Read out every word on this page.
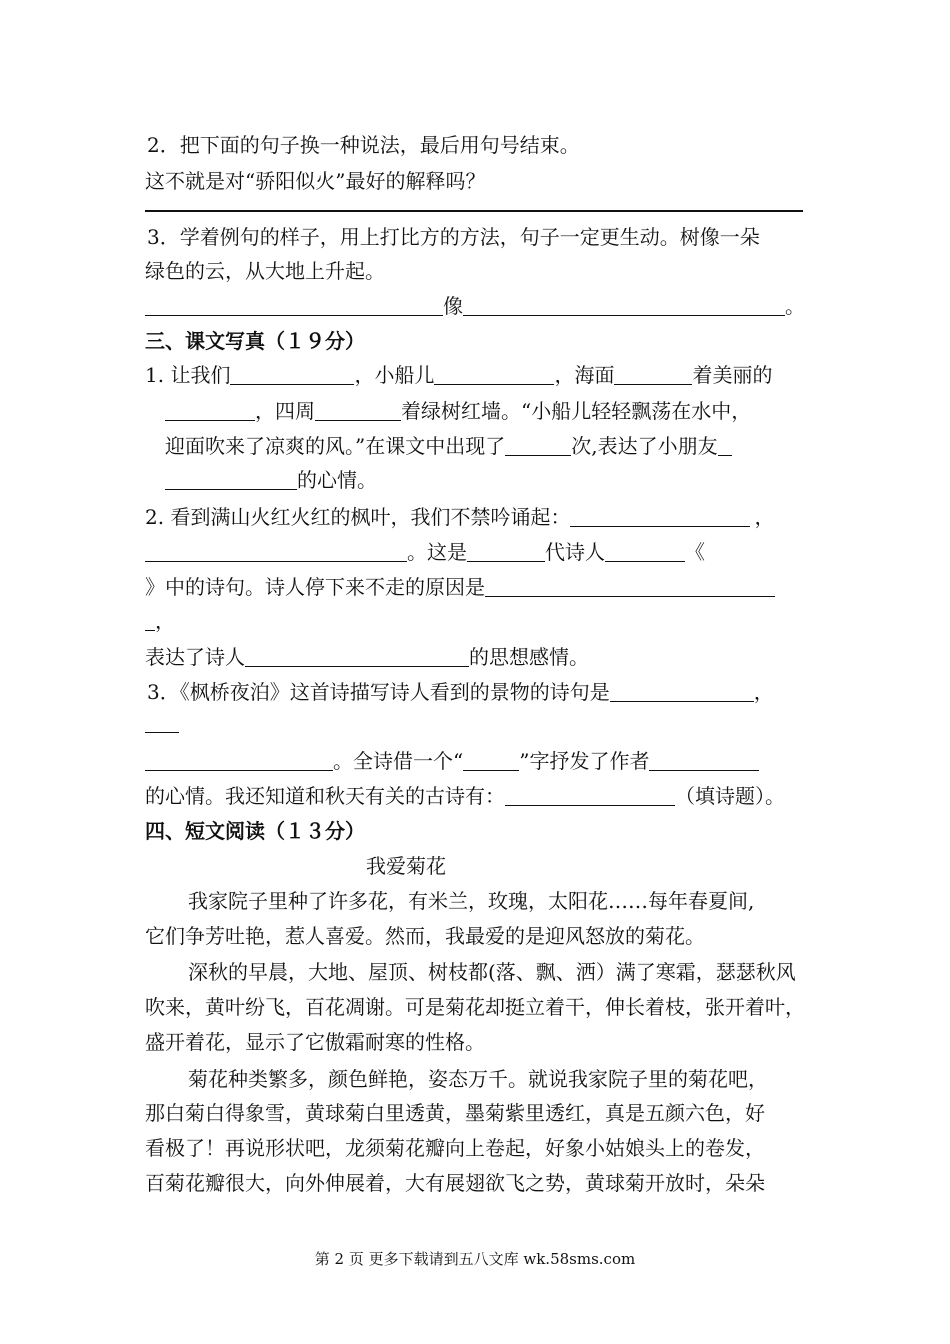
2．把下面的句子换一种说法，最后用句号结束。
这不就是对“骄阳似火”最好的解释吗？
3．学着例句的样子，用上打比方的方法，句子一定更生动。树像一朵
绿色的云，从大地上升起。
像	。
三、课文写真（１９分）
1. 让我们	，小船儿	，海面	着美丽的
，四周	着绿树红墙。“小船儿轻轻飘荡在水中，
迎面吹来了凉爽的风。”在课文中出现了	次,表达了小朋友
的心情。
2. 看到满山火红火红的枫叶，我们不禁吟诵起：	，
。这是	代诗人	《
》中的诗句。诗人停下来不走的原因是
，
表达了诗人	的思想感情。
3．《枫桥夜泊》这首诗描写诗人看到的景物的诗句是	，
。全诗借一个“	”字抒发了作者
的心情。我还知道和秋天有关的古诗有：	（填诗题）。
四、短文阅读（１３分）
我爱菊花
我家院子里种了许多花，有米兰，玫瑰，太阳花……每年春夏间,
它们争芳吐艳，惹人喜爱。然而，我最爱的是迎风怒放的菊花。
深秋的早晨，大地、屋顶、树枝都(落、飘、洒）满了寒霜，瑟瑟秋风
吹来，黄叶纷飞，百花凋谢。可是菊花却挺立着干，伸长着枝，张开着叶，
盛开着花，显示了它傲霜耐寒的性格。
菊花种类繁多，颜色鲜艳，姿态万千。就说我家院子里的菊花吧，
那白菊白得象雪，黄球菊白里透黄，墨菊紫里透红，真是五颜六色，好
看极了！再说形状吧，龙须菊花瓣向上卷起，好象小姑娘头上的卷发，
百菊花瓣很大，向外伸展着，大有展翅欲飞之势，黄球菊开放时，朵朵
第 2 页 更多下载请到五八文库 wk.58sms.com
